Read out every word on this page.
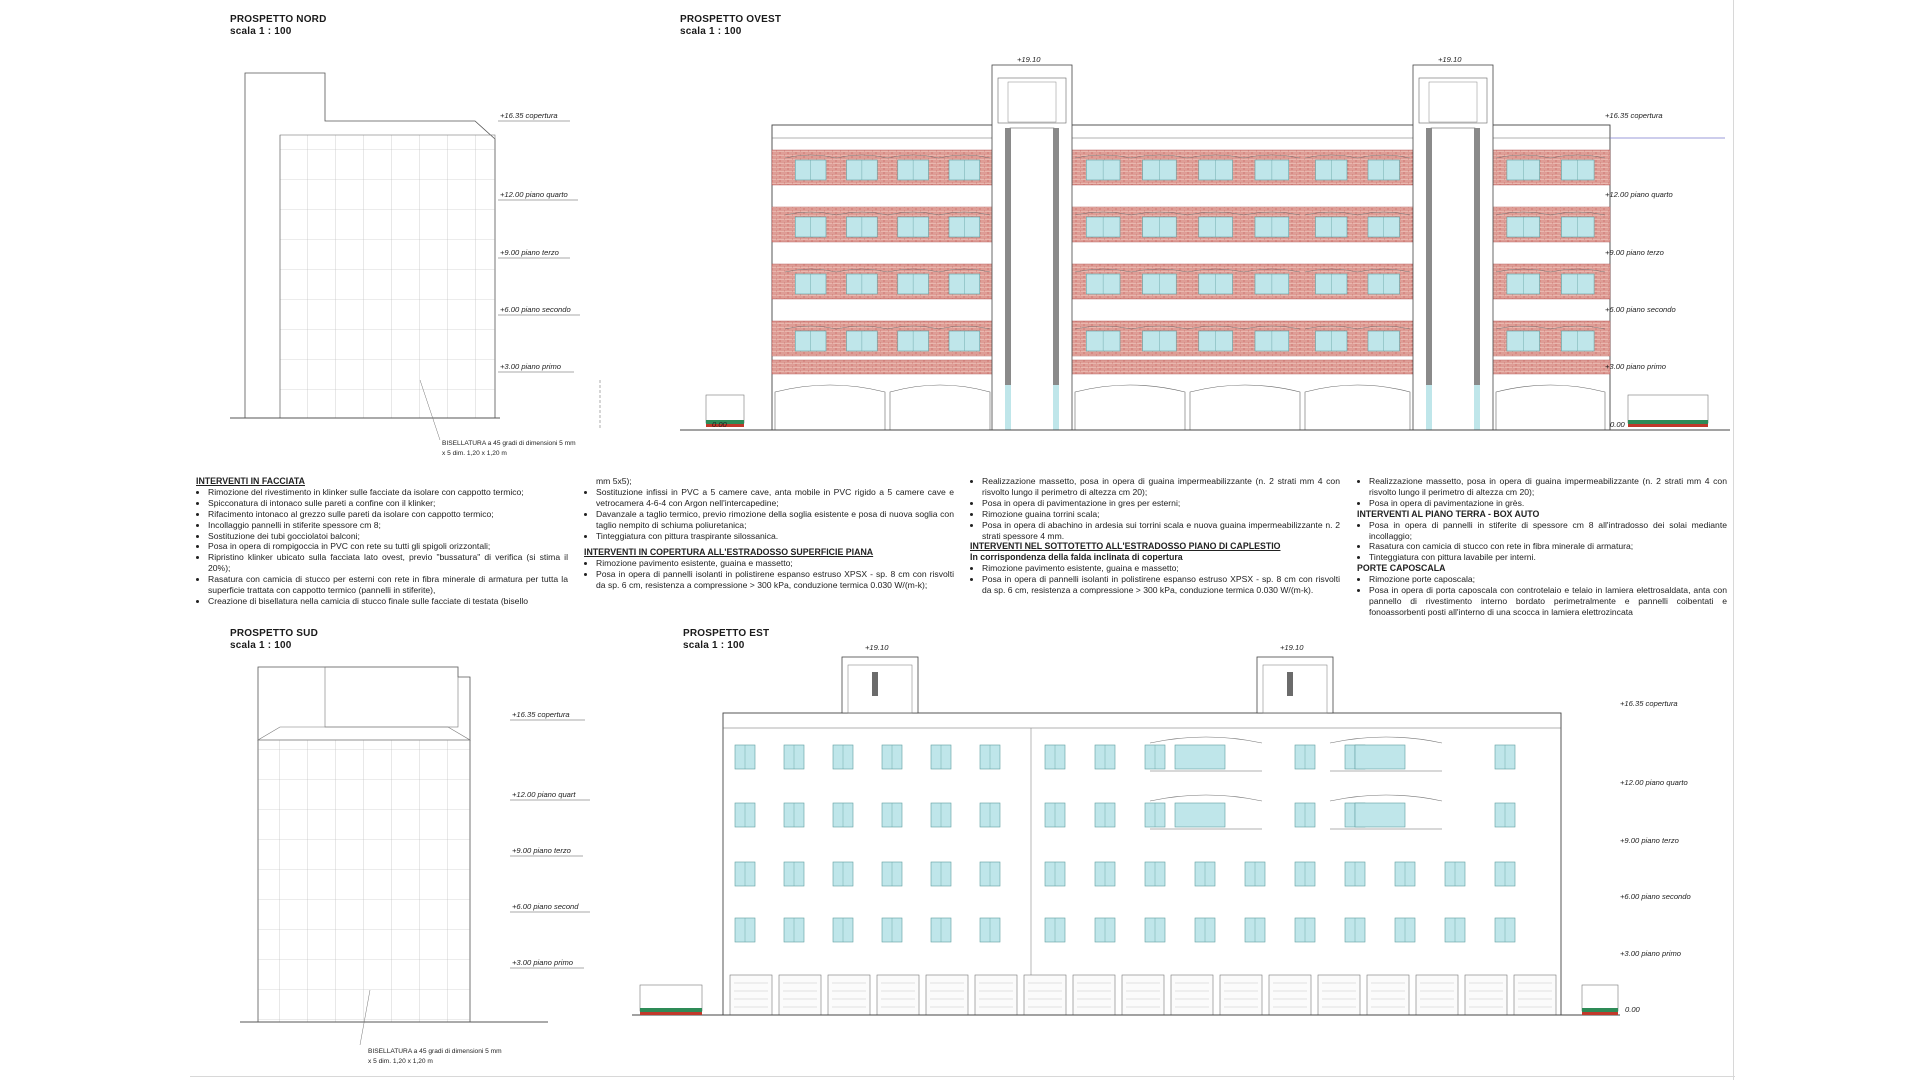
PROSPETTO NORD
scala 1 : 100
PROSPETTO OVEST
scala 1 : 100
PROSPETTO SUD
scala 1 : 100
PROSPETTO EST
scala 1 : 100
BISELLATURA a 45 gradi di dimensioni 5 mm
x 5 dim. 1,20 x 1,20 m
+16.35 copertura
+12.00 piano quarto
+9.00 piano terzo
+6.00 piano secondo
+3.00 piano primo
+19.10	+19.10
+16.35 copertura
+12.00 piano quarto
+9.00 piano terzo
+6.00 piano secondo
+3.00 piano primo
0.00
0.00
BISELLATURA a 45 gradi di dimensioni 5 mm
x 5 dim. 1,20 x 1,20 m
+16.35 copertura
+12.00 piano quart
+9.00 piano terzo
+6.00 piano second
+3.00 piano primo
+19.10	+19.10
+16.35 copertura
+12.00 piano quarto
+9.00 piano terzo
+6.00 piano secondo
+3.00 piano primo
0.00
INTERVENTI IN FACCIATA
• Rimozione del rivestimento in klinker sulle facciate da isolare con cappotto termico;
• Spicconatura di intonaco sulle pareti a confine con il klinker;
• Rifacimento intonaco al grezzo sulle pareti da isolare con cappotto termico;
• Incollaggio pannelli in stiferite spessore cm 8;
• Sostituzione dei tubi gocciolatoi balconi;
• Posa in opera di rompigoccia in PVC con rete su tutti gli spigoli orizzontali;
• Ripristino klinker ubicato sulla facciata lato ovest, previo "bussatura" di verifica (si stima il 20%);
• Rasatura con camicia di stucco per esterni con rete in fibra minerale di armatura per tutta la superficie trattata con cappotto termico (pannelli in stiferite),
• Creazione di bisellatura nella camicia di stucco finale sulle facciate di testata (bisello
mm 5x5);
• Sostituzione infissi in PVC a 5 camere cave, anta mobile in PVC rigido a 5 camere cave e vetrocamera 4-6-4 con Argon nell'intercapedine;
• Davanzale a taglio termico, previo rimozione della soglia esistente e posa di nuova soglia con taglio nempito di schiuma poliuretanica;
• Tinteggiatura con pittura traspirante silossanica.
INTERVENTI IN COPERTURA ALL'ESTRADOSSO SUPERFICIE PIANA
• Rimozione pavimento esistente, guaina e massetto;
• Posa in opera di pannelli isolanti in polistirene espanso estruso XPSX - sp. 8 cm con risvolti da sp. 6 cm, resistenza a compressione > 300 kPa, conduzione termica 0.030 W/(m-k);
• Realizzazione massetto, posa in opera di guaina impermeabilizzante (n. 2 strati mm 4 con risvolto lungo il perimetro di altezza cm 20);
• Posa in opera di pavimentazione in gres per esterni;
• Rimozione guaina torrini scala;
• Posa in opera di abachino in ardesia sui torrini scala e nuova guaina impermeabilizzante n. 2 strati spessore 4 mm.
INTERVENTI NEL SOTTOTETTO ALL'ESTRADOSSO PIANO DI CAPLESTIO
In corrispondenza della falda inclinata di copertura
• Rimozione pavimento esistente, guaina e massetto;
• Posa in opera di pannelli isolanti in polistirene espanso estruso XPSX - sp. 8 cm con risvolti da sp. 6 cm, resistenza a compressione > 300 kPa, conduzione termica 0.030 W/(m-k).
• Realizzazione massetto, posa in opera di guaina impermeabilizzante (n. 2 strati mm 4 con risvolto lungo il perimetro di altezza cm 20);
• Posa in opera di pavimentazione in grès.
INTERVENTI AL PIANO TERRA - BOX AUTO
• Posa in opera di pannelli in stiferite di spessore cm 8 all'intradosso dei solai mediante incollaggio;
• Rasatura con camicia di stucco con rete in fibra minerale di armatura;
• Tinteggiatura con pittura lavabile per interni.
PORTE CAPOSCALA
• Rimozione porte caposcala;
• Posa in opera di porta caposcala con controtelaio e telaio in lamiera elettrosaldata, anta con pannello di rivestimento interno bordato perimetralmente e pannelli coibentati e fonoassorbenti posti all'interno di una scocca in lamiera elettrozincata
